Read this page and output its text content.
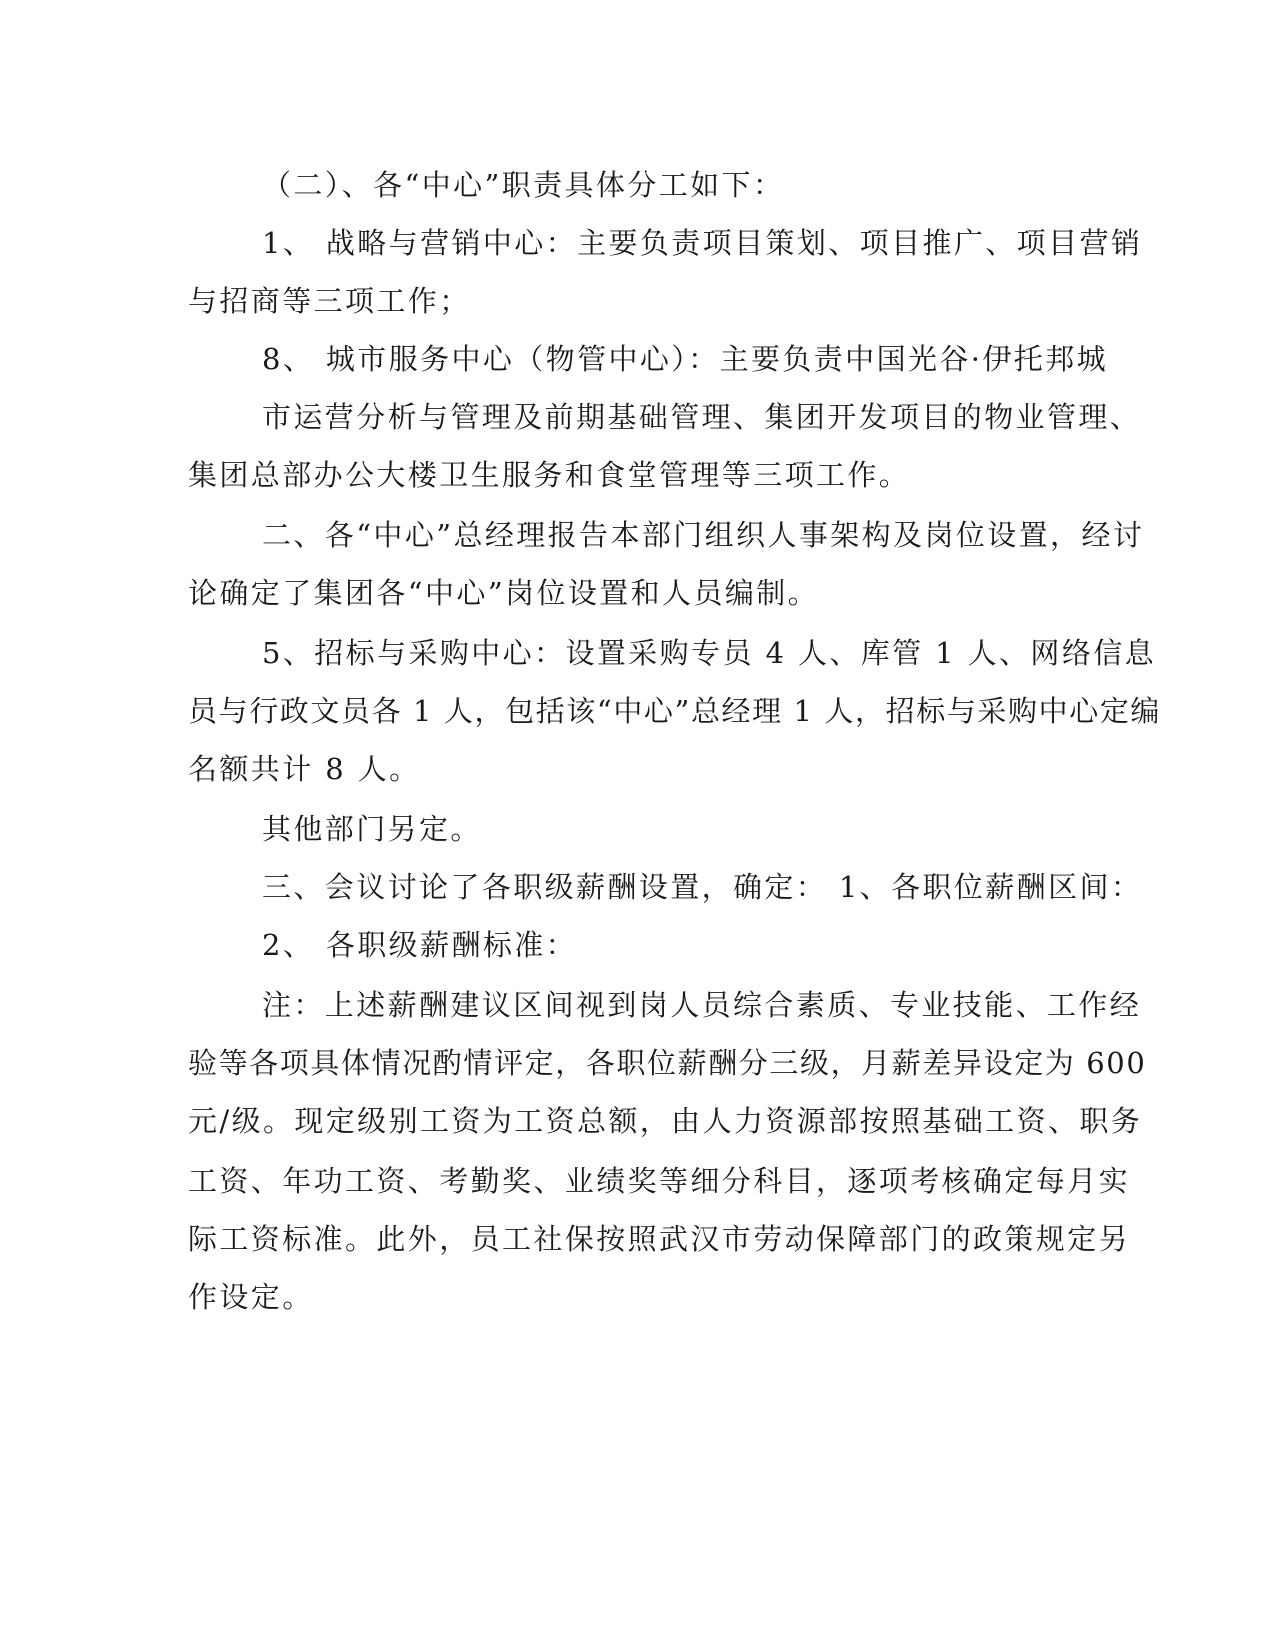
（二）、各“中心”职责具体分工如下：
1、 战略与营销中心：主要负责项目策划、项目推广、项目营销
与招商等三项工作；
8、 城市服务中心（物管中心）：主要负责中国光谷·伊托邦城
市运营分析与管理及前期基础管理、集团开发项目的物业管理、
集团总部办公大楼卫生服务和食堂管理等三项工作。
二、各“中心”总经理报告本部门组织人事架构及岗位设置，经讨
论确定了集团各“中心”岗位设置和人员编制。
5、招标与采购中心：设置采购专员 4 人、库管 1 人、网络信息
员与行政文员各 1 人，包括该“中心”总经理 1 人，招标与采购中心定编
名额共计 8 人。
其他部门另定。
三、会议讨论了各职级薪酬设置，确定： 1、各职位薪酬区间：
2、 各职级薪酬标准：
注：上述薪酬建议区间视到岗人员综合素质、专业技能、工作经
验等各项具体情况酌情评定，各职位薪酬分三级，月薪差异设定为 600
元/级。现定级别工资为工资总额，由人力资源部按照基础工资、职务
工资、年功工资、考勤奖、业绩奖等细分科目，逐项考核确定每月实
际工资标准。此外，员工社保按照武汉市劳动保障部门的政策规定另
作设定。
